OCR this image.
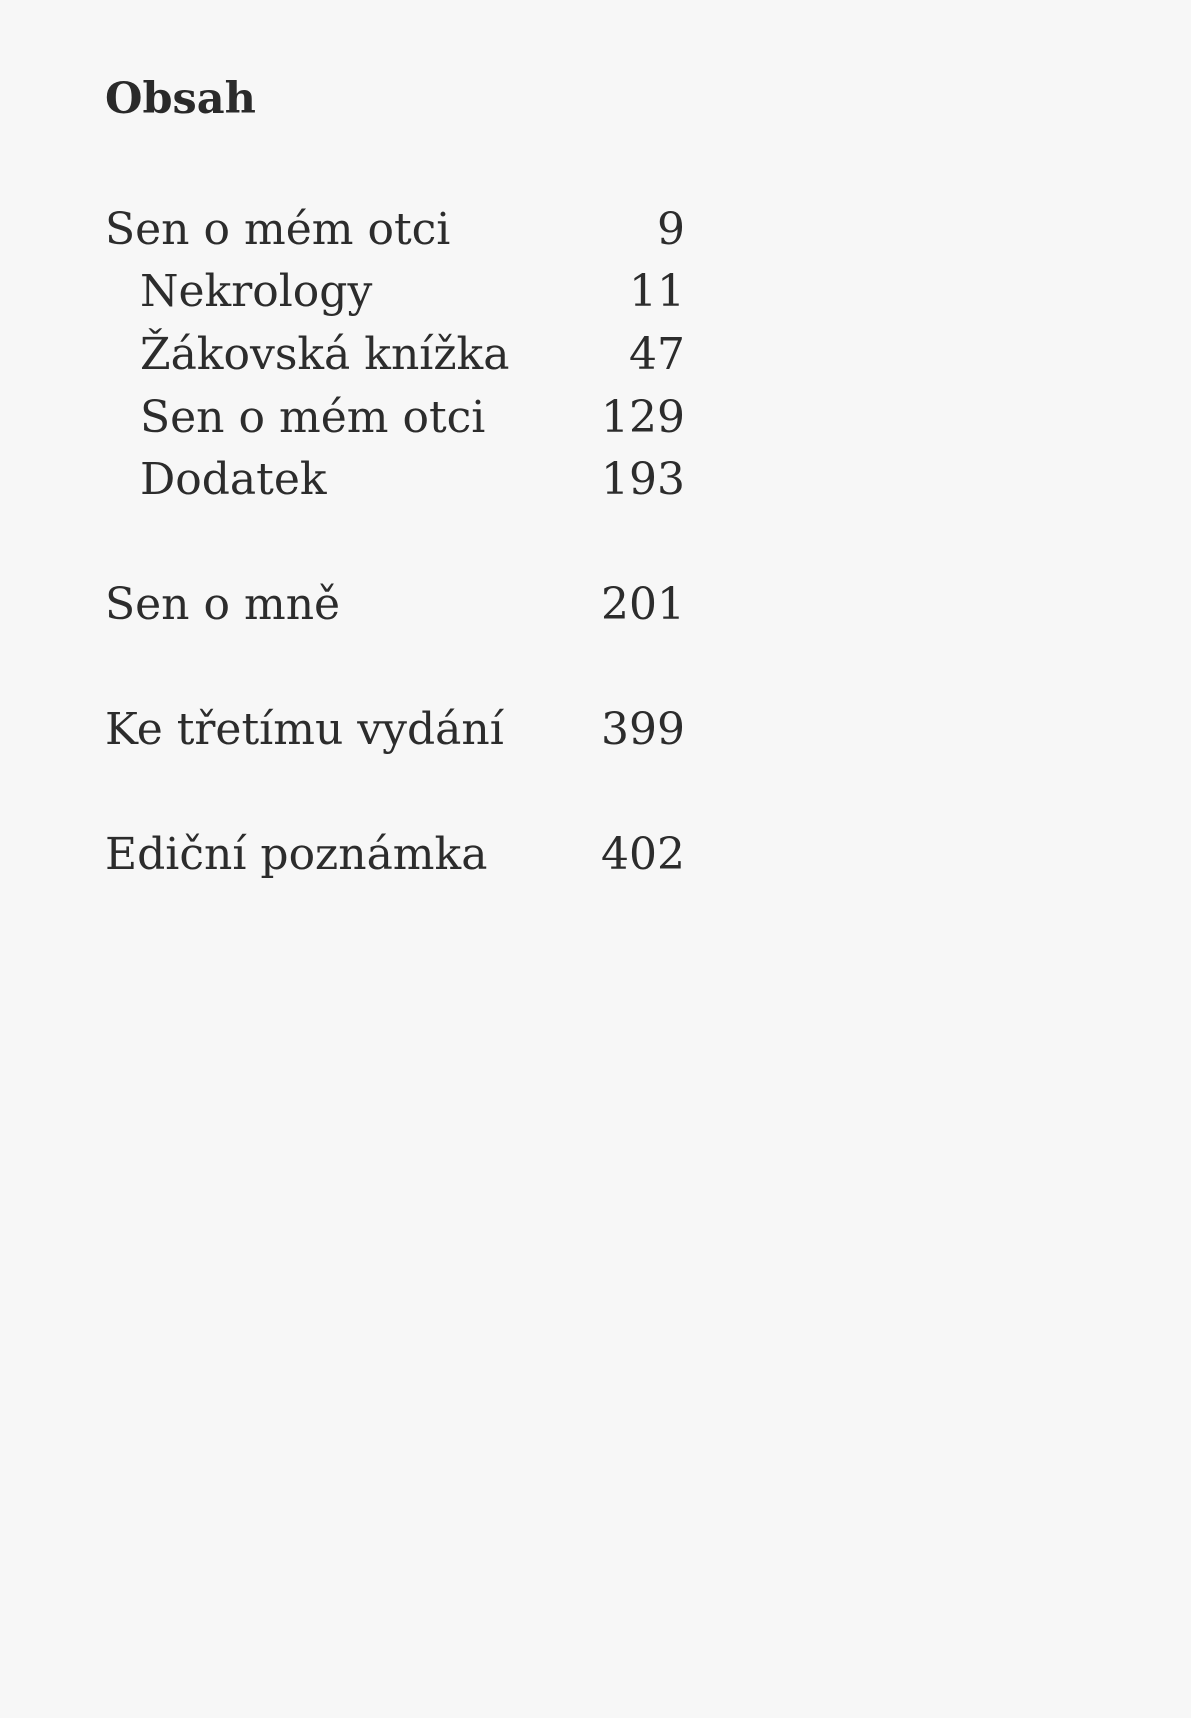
Obsah
Sen o mém otci	9
Nekrology	11
Žákovská knížka	47
Sen o mém otci	129
Dodatek	193
Sen o mně	201
Ke třetímu vydání 399
Ediční poznámka	402
